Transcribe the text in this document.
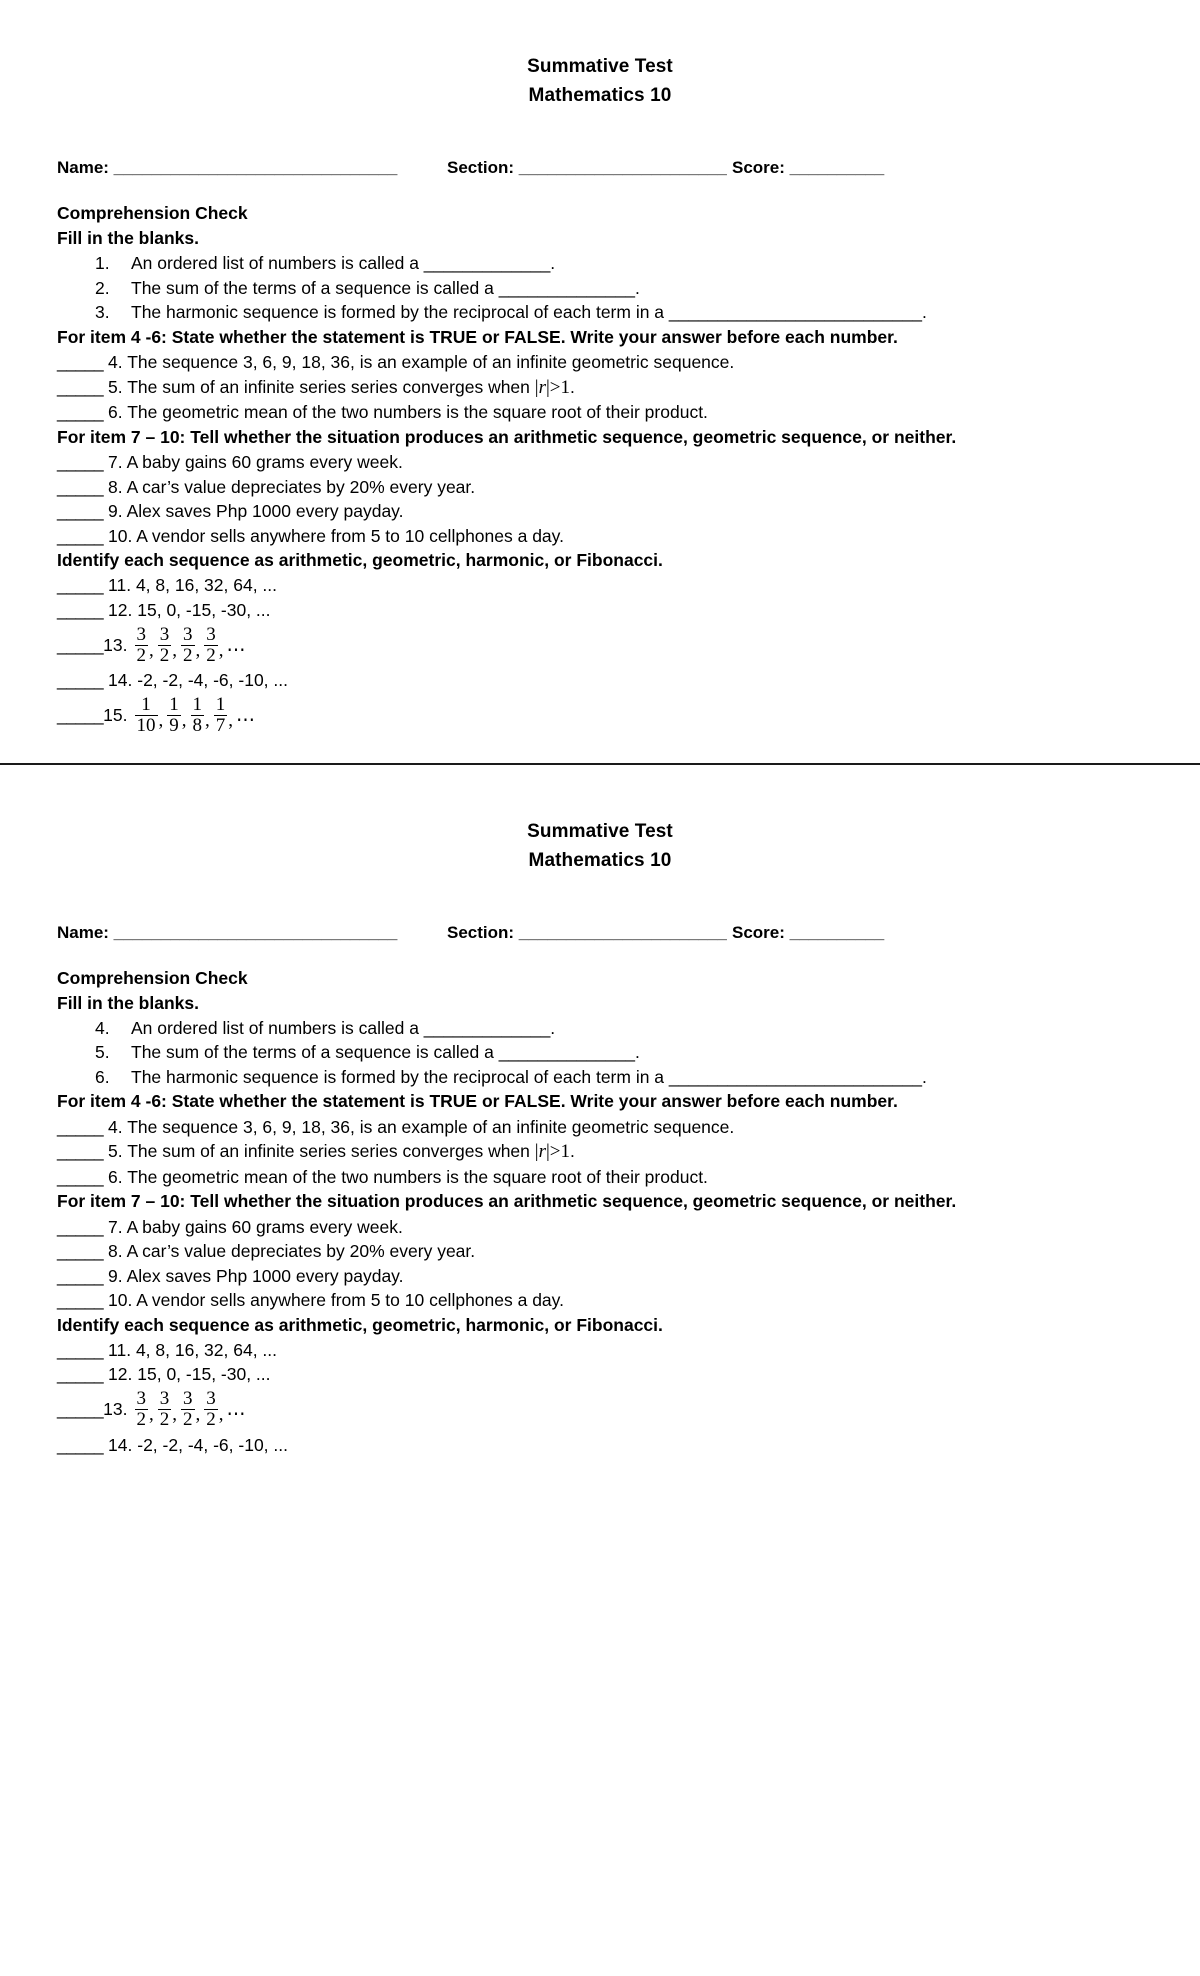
Summative Test
Mathematics 10
Name: ______________________________	Section: ______________________ Score: __________
Comprehension Check
Fill in the blanks.
1.	An ordered list of numbers is called a _____________.
2.	The sum of the terms of a sequence is called a ______________.
3.	The harmonic sequence is formed by the reciprocal of each term in a __________________________.
For item 4 -6: State whether the statement is TRUE or FALSE. Write your answer before each number.
_____ 4. The sequence 3, 6, 9, 18, 36, is an example of an infinite geometric sequence.
_____ 5. The sum of an infinite series series converges when |r|>1.
_____ 6. The geometric mean of the two numbers is the square root of their product.
For item 7 – 10: Tell whether the situation produces an arithmetic sequence, geometric sequence, or neither.
_____ 7. A baby gains 60 grams every week.
_____ 8. A car’s value depreciates by 20% every year.
_____ 9. Alex saves Php 1000 every payday.
_____ 10. A vendor sells anywhere from 5 to 10 cellphones a day.
Identify each sequence as arithmetic, geometric, harmonic, or Fibonacci.
_____ 11. 4, 8, 16, 32, 64, ...
_____ 12. 15, 0, -15, -30, ...
_____ 13. $\frac{3}{2}$ , $\frac{3}{2}$ , $\frac{3}{2}$ , $\frac{3}{2}$ , ⋯
_____ 14. -2, -2, -4, -6, -10, ...
_____ 15. $\frac{1}{10}$ , $\frac{1}{9}$ , $\frac{1}{8}$ , $\frac{1}{7}$ , ⋯
Summative Test
Mathematics 10
Name: ______________________________	Section: ______________________ Score: __________
Comprehension Check
Fill in the blanks.
4.	An ordered list of numbers is called a _____________.
5.	The sum of the terms of a sequence is called a ______________.
6.	The harmonic sequence is formed by the reciprocal of each term in a __________________________.
For item 4 -6: State whether the statement is TRUE or FALSE. Write your answer before each number.
_____ 4. The sequence 3, 6, 9, 18, 36, is an example of an infinite geometric sequence.
_____ 5. The sum of an infinite series series converges when |r|>1.
_____ 6. The geometric mean of the two numbers is the square root of their product.
For item 7 – 10: Tell whether the situation produces an arithmetic sequence, geometric sequence, or neither.
_____ 7. A baby gains 60 grams every week.
_____ 8. A car’s value depreciates by 20% every year.
_____ 9. Alex saves Php 1000 every payday.
_____ 10. A vendor sells anywhere from 5 to 10 cellphones a day.
Identify each sequence as arithmetic, geometric, harmonic, or Fibonacci.
_____ 11. 4, 8, 16, 32, 64, ...
_____ 12. 15, 0, -15, -30, ...
_____ 13. $\frac{3}{2}$ , $\frac{3}{2}$ , $\frac{3}{2}$ , $\frac{3}{2}$ , ⋯
_____ 14. -2, -2, -4, -6, -10, ...
